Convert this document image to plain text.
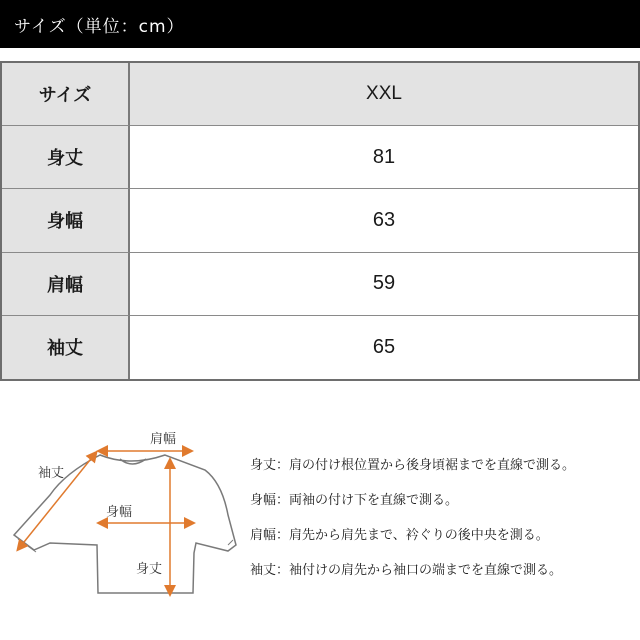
サイズ（単位：cm）
サイズ	XXL
身丈	81
身幅	63
肩幅	59
袖丈	65
肩幅
袖丈
身幅
身丈
身丈：肩の付け根位置から後身頃裾までを直線で測る。
身幅：両袖の付け下を直線で測る。
肩幅：肩先から肩先まで、衿ぐりの後中央を測る。
袖丈：袖付けの肩先から袖口の端までを直線で測る。
